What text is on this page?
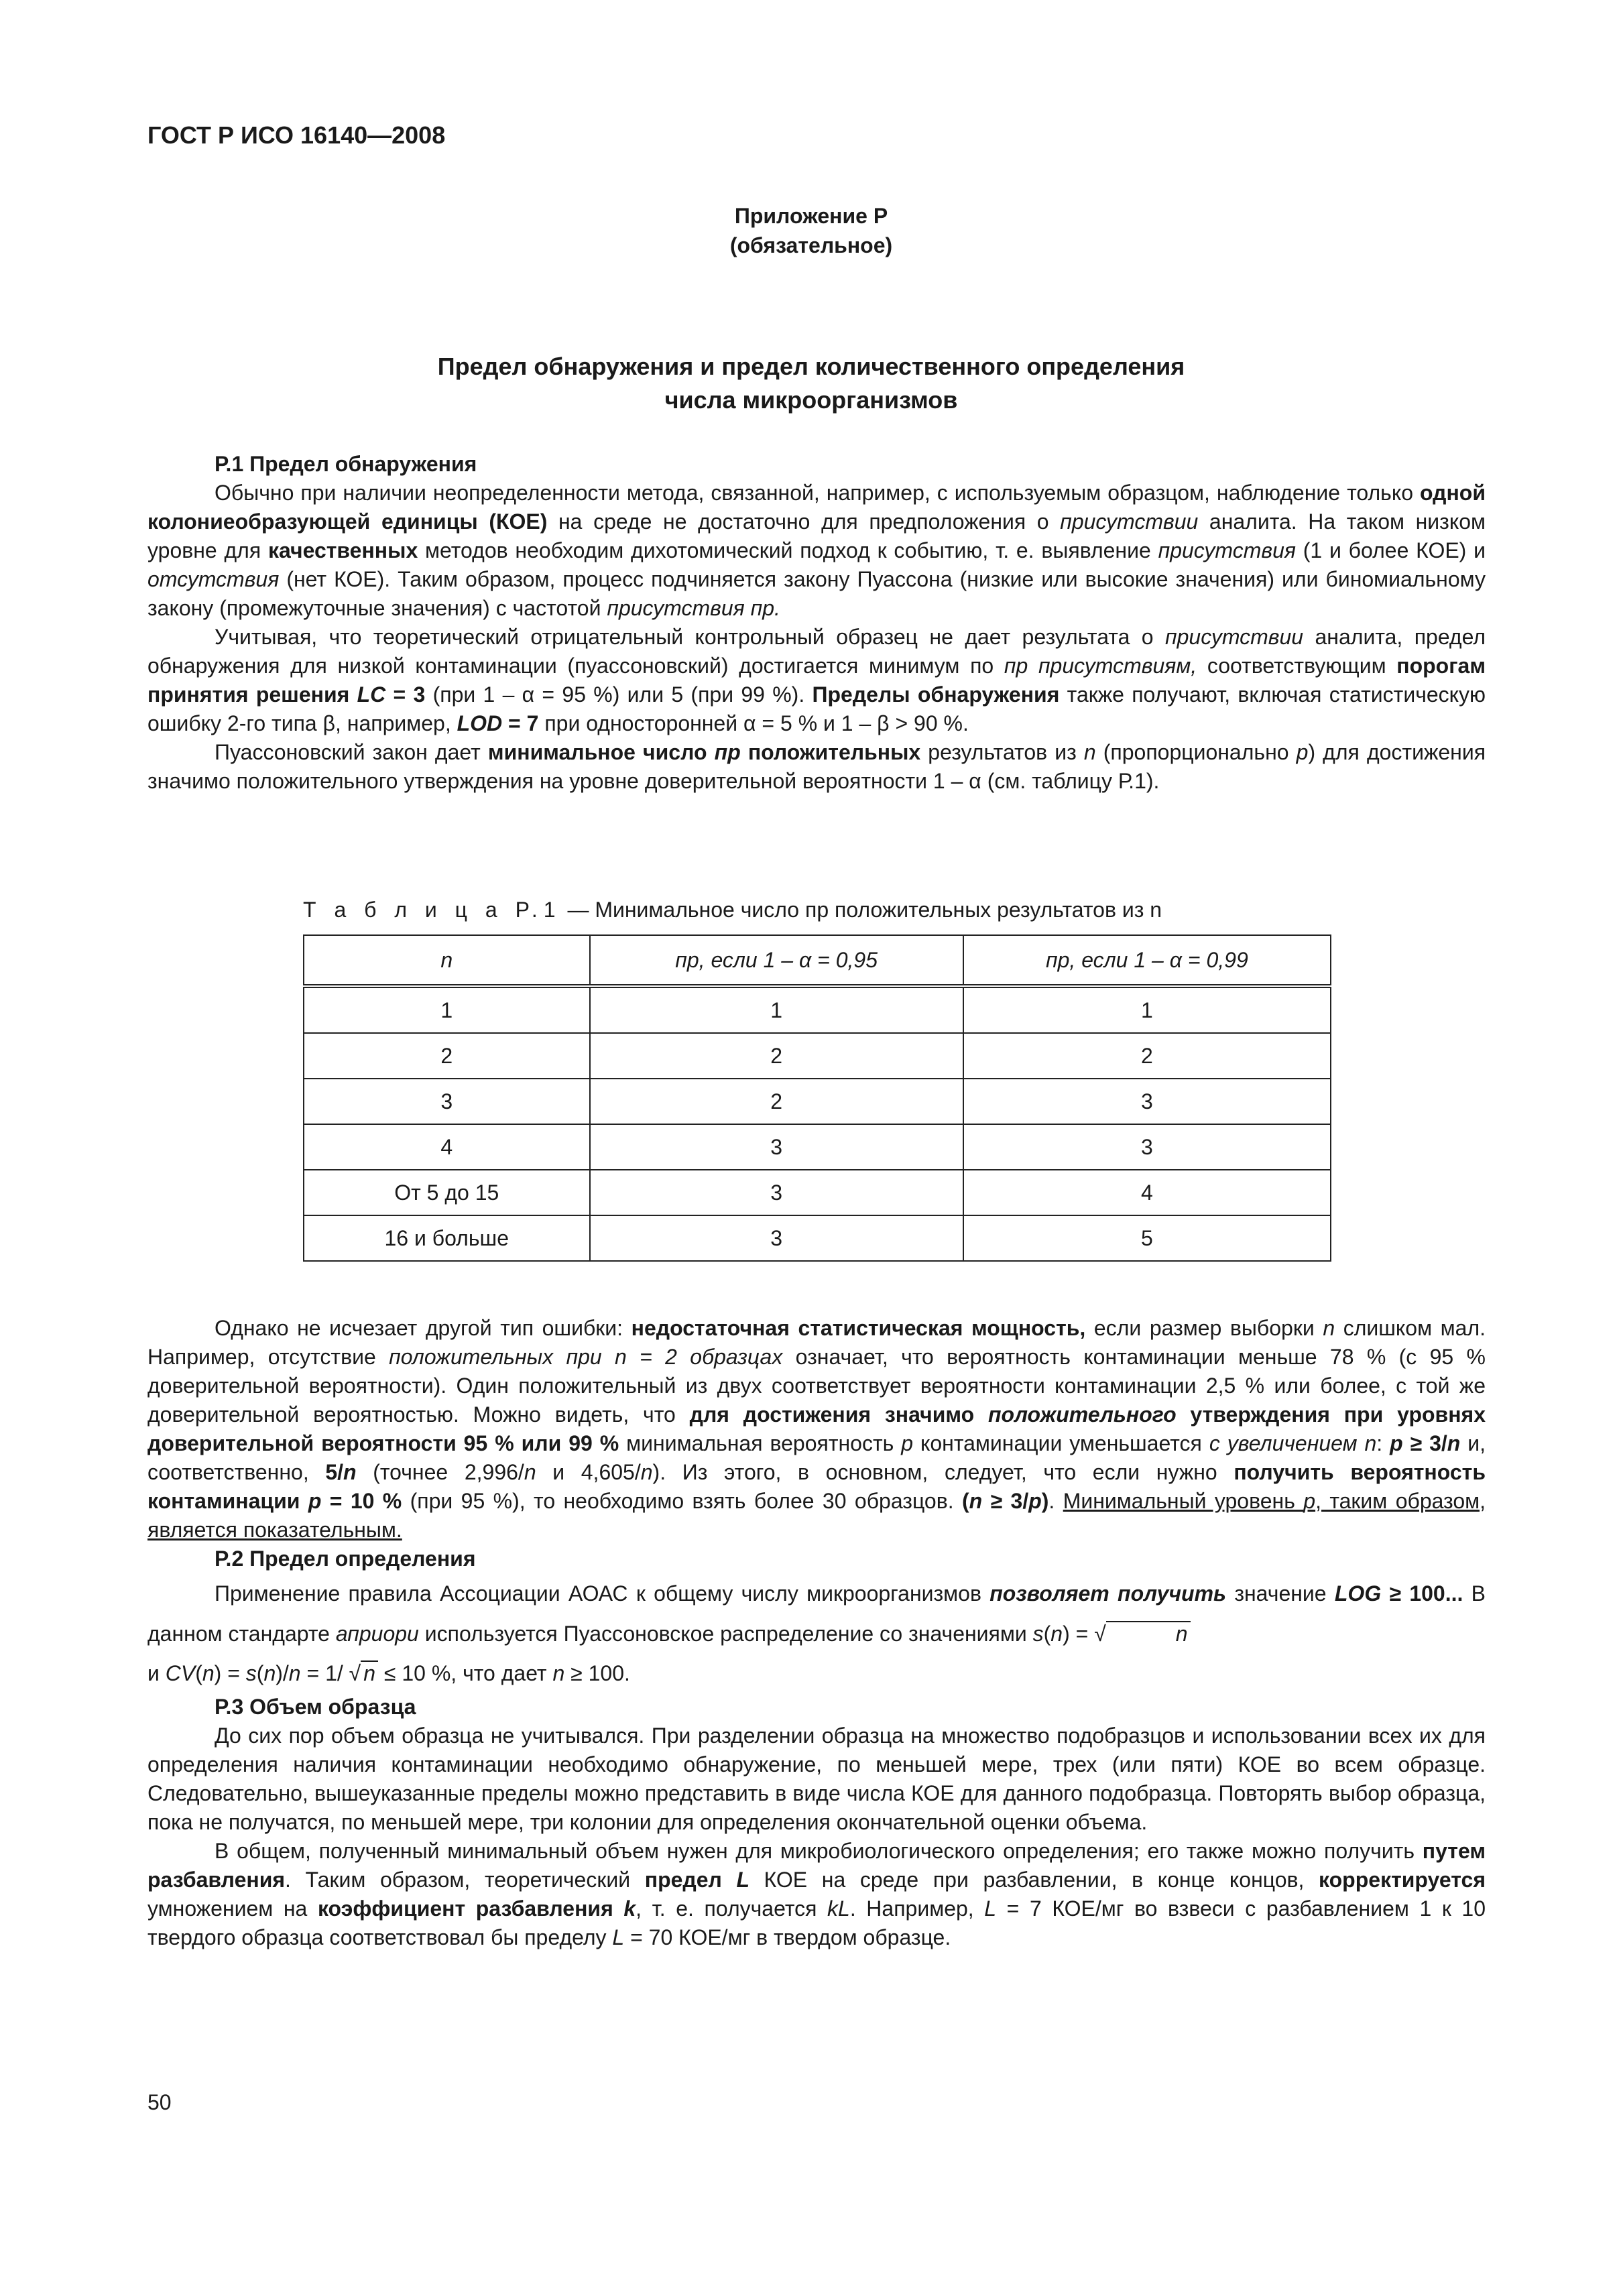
ГОСТ Р ИСО 16140—2008
Приложение Р
(обязательное)
Предел обнаружения и предел количественного определения
числа микроорганизмов
Р.1 Предел обнаружения

Обычно при наличии неопределенности метода, связанной, например, с используемым образцом, наблюдение только одной колониеобразующей единицы (КОЕ) на среде не достаточно для предположения о присутствии аналита. На таком низком уровне для качественных методов необходим дихотомический подход к событию, т. е. выявление присутствия (1 и более КОЕ) и отсутствия (нет КОЕ). Таким образом, процесс подчиняется закону Пуассона (низкие или высокие значения) или биномиальному закону (промежуточные значения) с частотой присутствия пр.

Учитывая, что теоретический отрицательный контрольный образец не дает результата о присутствии аналита, предел обнаружения для низкой контаминации (пуассоновский) достигается минимум по пр присутствиям, соответствующим порогам принятия решения LC = 3 (при 1 – α = 95 %) или 5 (при 99 %). Пределы обнаружения также получают, включая статистическую ошибку 2-го типа β, например, LOD = 7 при односторонней α = 5 % и 1 – β > 90 %.

Пуассоновский закон дает минимальное число пр положительных результатов из n (пропорционально p) для достижения значимо положительного утверждения на уровне доверительной вероятности 1 – α (см. таблицу Р.1).

Т а б л и ц а Р.1 — Минимальное число пр положительных результатов из n
n	пр, если 1 – α = 0,95	пр, если 1 – α = 0,99
1	1	1
2	2	2
3	2	3
4	3	3
От 5 до 15	3	4
16 и больше	3	5

Однако не исчезает другой тип ошибки: недостаточная статистическая мощность, если размер выборки n слишком мал. Например, отсутствие положительных при n = 2 образцах означает, что вероятность контаминации меньше 78 % (с 95 % доверительной вероятности). Один положительный из двух соответствует вероятности контаминации 2,5 % или более, с той же доверительной вероятностью. Можно видеть, что для достижения значимо положительного утверждения при уровнях доверительной вероятности 95 % или 99 % минимальная вероятность p контаминации уменьшается с увеличением n: p ≥ 3/n и, соответственно, 5/n (точнее 2,996/n и 4,605/n). Из этого, в основном, следует, что если нужно получить вероятность контаминации p = 10 % (при 95 %), то необходимо взять более 30 образцов. (n ≥ 3/p). Минимальный уровень p, таким образом, является показательным.

Р.2 Предел определения

Применение правила Ассоциации АОАС к общему числу микроорганизмов позволяет получить значение LOG ≥ 100... В данном стандарте априори используется Пуассоновское распределение со значениями s(n) = √	n

и CV(n) = s(n)/n = 1/ √ n ≤ 10 %, что дает n ≥ 100.

Р.3 Объем образца

До сих пор объем образца не учитывался. При разделении образца на множество подобразцов и использовании всех их для определения наличия контаминации необходимо обнаружение, по меньшей мере, трех (или пяти) КОЕ во всем образце. Следовательно, вышеуказанные пределы можно представить в виде числа КОЕ для данного подобразца. Повторять выбор образца, пока не получатся, по меньшей мере, три колонии для определения окончательной оценки объема.

В общем, полученный минимальный объем нужен для микробиологического определения; его также можно получить путем разбавления. Таким образом, теоретический предел L КОЕ на среде при разбавлении, в конце концов, корректируется умножением на коэффициент разбавления k, т. е. получается kL. Например, L = 7 КОЕ/мг во взвеси с разбавлением 1 к 10 твердого образца соответствовал бы пределу L = 70 КОЕ/мг в твердом образце.

50
